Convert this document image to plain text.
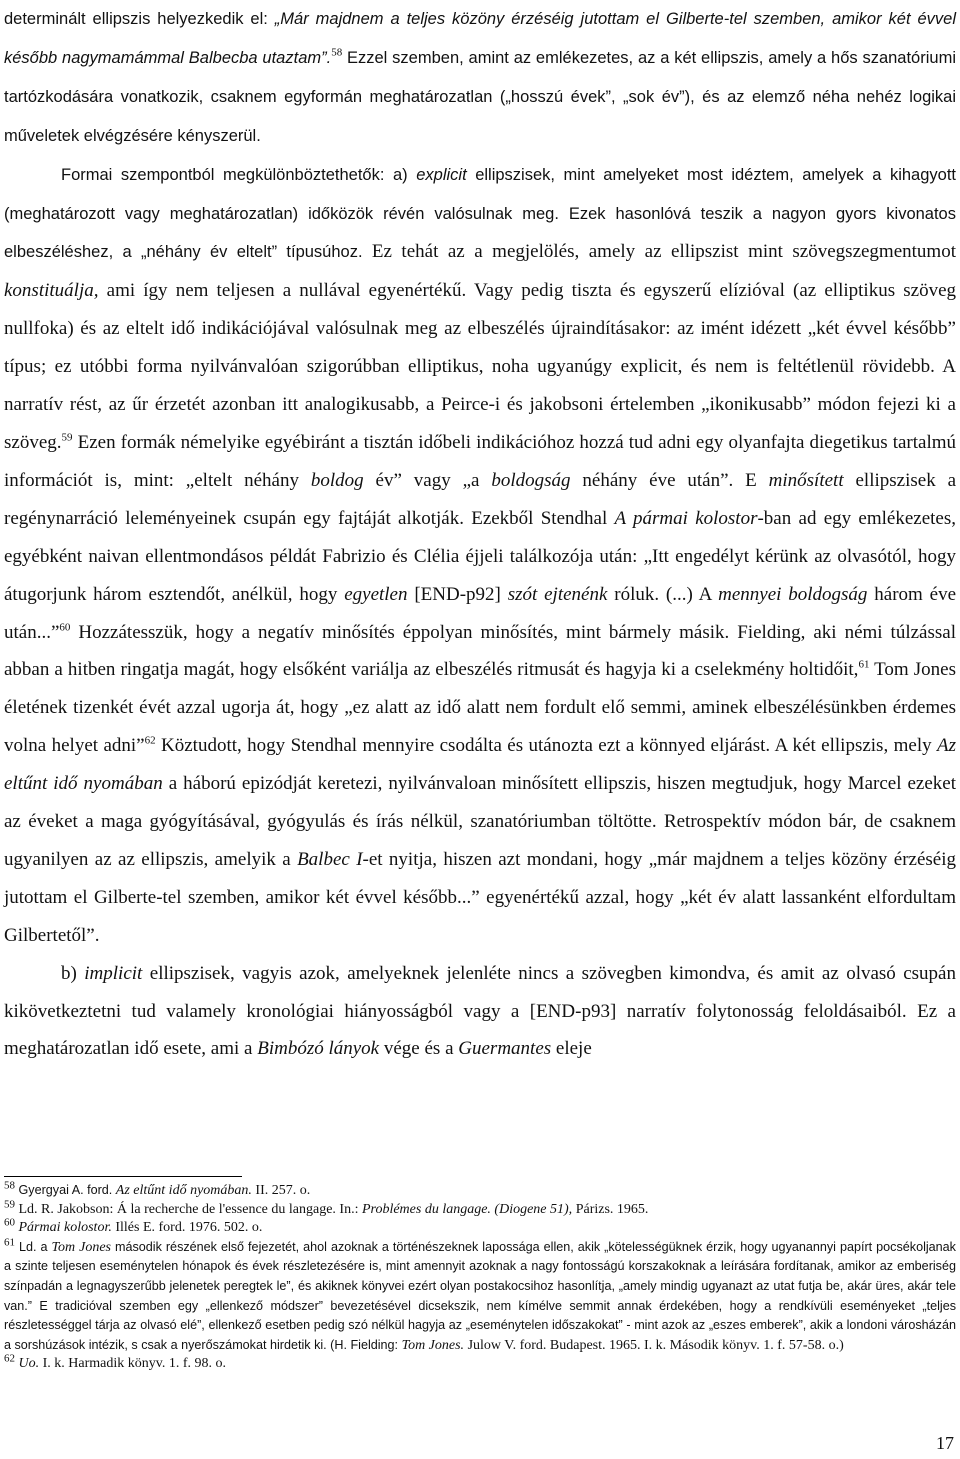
determinált ellipszis helyezkedik el: „Már majdnem a teljes közöny érzéséig jutottam el Gilberte-tel szemben, amikor két évvel később nagymamámmal Balbecba utaztam”.$^{58}$ Ezzel szemben, amint az emlékezetes, az a két ellipszis, amely a hős szanatóriumi tartózkodására vonatkozik, csaknem egyformán meghatározatlan („hosszú évek”, „sok év”), és az elemző néha nehéz logikai műveletek elvégzésére kényszerül.

Formai szempontból megkülönböztethetők: a) explicit ellipszisek, mint amelyeket most idéztem, amelyek a kihagyott (meghatározott vagy meghatározatlan) időközök révén valósulnak meg. Ezek hasonlóvá teszik a nagyon gyors kivonatos elbeszéléshez, a „néhány év eltelt” típusúhoz. Ez tehát az a megjelölés, amely az ellipszist mint szövegszegmentumot konstituálja, ami így nem teljesen a nullával egyenértékű. Vagy pedig tiszta és egyszerű elízióval (az elliptikus szöveg nullfoka) és az eltelt idő indikációjával valósulnak meg az elbeszélés újraindításakor: az imént idézett „két évvel később” típus; ez utóbbi forma nyilvánvalóan szigorúbban elliptikus, noha ugyanúgy explicit, és nem is feltétlenül rövidebb. A narratív rést, az űr érzetét azonban itt analogikusabb, a Peirce-i és jakobsoni értelemben „ikonikusabb” módon fejezi ki a szöveg.$^{59}$ Ezen formák némelyike egyébiránt a tisztán időbeli indikációhoz hozzá tud adni egy olyanfajta diegetikus tartalmú információt is, mint: „eltelt néhány boldog év” vagy „a boldogság néhány éve után”. E minősített ellipszisek a regénynarráció leleményeinek csupán egy fajtáját alkotják. Ezekből Stendhal A pármai kolostor-ban ad egy emlékezetes, egyébként naivan ellentmondásos példát Fabrizio és Clélia éjjeli találkozója után: „Itt engedélyt kérünk az olvasótól, hogy átugorjunk három esztendőt, anélkül, hogy egyetlen [END-p92] szót ejtenénk róluk. (...) A mennyei boldogság három éve után...”$^{60}$ Hozzátesszük, hogy a negatív minősítés éppolyan minősítés, mint bármely másik. Fielding, aki némi túlzással abban a hitben ringatja magát, hogy elsőként variálja az elbeszélés ritmusát és hagyja ki a cselekmény holtidőit,$^{61}$ Tom Jones életének tizenkét évét azzal ugorja át, hogy „ez alatt az idő alatt nem fordult elő semmi, aminek elbeszélésünkben érdemes volna helyet adni”$^{62}$ Köztudott, hogy Stendhal mennyire csodálta és utánozta ezt a könnyed eljárást. A két ellipszis, mely Az eltűnt idő nyomában a háború epizódját keretezi, nyilvánvaloan minősített ellipszis, hiszen megtudjuk, hogy Marcel ezeket az éveket a maga gyógyításával, gyógyulás és írás nélkül, szanatóriumban töltötte. Retrospektív módon bár, de csaknem ugyanilyen az az ellipszis, amelyik a Balbec I-et nyitja, hiszen azt mondani, hogy „már majdnem a teljes közöny érzéséig jutottam el Gilberte-tel szemben, amikor két évvel később...” egyenértékű azzal, hogy „két év alatt lassanként elfordultam Gilbertetől”.

b) implicit ellipszisek, vagyis azok, amelyeknek jelenléte nincs a szövegben kimondva, és amit az olvasó csupán kikövetkeztetni tud valamely kronológiai hiányosságból vagy a [END-p93] narratív folytonosság feloldásaiból. Ez a meghatározatlan idő esete, ami a Bimbózó lányok vége és a Guermantes eleje

$^{58}$ Gyergyai A. ford. Az eltűnt idő nyomában. II. 257. o.

$^{59}$ Ld. R. Jakobson: Á la recherche de l'essence du langage. In.: Problémes du langage. (Diogene 51), Párizs. 1965.

$^{60}$ Pármai kolostor. Illés E. ford. 1976. 502. o.

$^{61}$ Ld. a Tom Jones második részének első fejezetét, ahol azoknak a történészeknek lapossága ellen, akik „kötelességüknek érzik, hogy ugyanannyi papírt pocsékoljanak a szinte teljesen eseménytelen hónapok és évek részletezésére is, mint amennyit azoknak a nagy fontosságú korszakoknak a leírására fordítanak, amikor az emberiség színpadán a legnagyszerűbb jelenetek peregtek le”, és akiknek könyvei ezért olyan postakocsihoz hasonlítja, „amely mindig ugyanazt az utat futja be, akár üres, akár tele van.” E tradicióval szemben egy „ellenkező módszer” bevezetésével dicsekszik, nem kímélve semmit annak érdekében, hogy a rendkívüli eseményeket „teljes részletességgel tárja az olvasó elé”, ellenkező esetben pedig szó nélkül hagyja az „eseménytelen időszakokat” - mint azok az „eszes emberek”, akik a londoni városházán a sorshúzások intézik, s csak a nyerőszámokat hirdetik ki. (H. Fielding: Tom Jones. Julow V. ford. Budapest. 1965. I. k. Második könyv. 1. f. 57-58. o.)

$^{62}$ Uo. I. k. Harmadik könyv. 1. f. 98. o.

17
